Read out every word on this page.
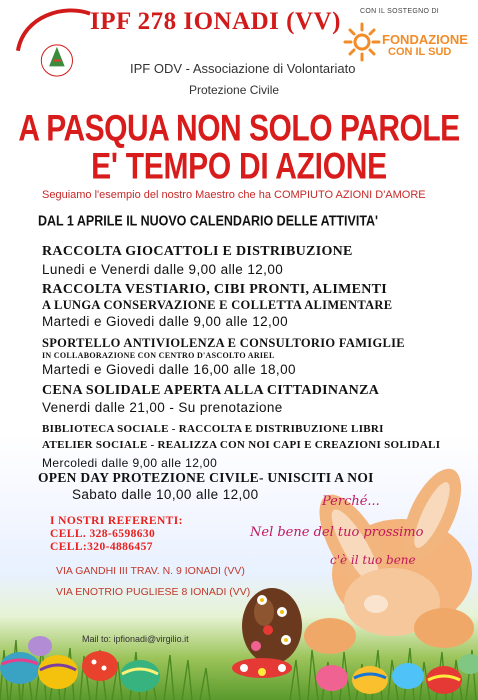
IPF 278 IONADI (VV)
IPF ODV - Associazione di Volontariato
Protezione Civile
CON IL SOSTEGNO DI
FONDAZIONE
CON IL SUD
A PASQUA NON SOLO PAROLE
E' TEMPO DI AZIONE
Seguiamo l'esempio del nostro Maestro che ha COMPIUTO AZIONI D'AMORE
DAL 1 APRILE IL NUOVO CALENDARIO DELLE ATTIVITA'
RACCOLTA GIOCATTOLI E DISTRIBUZIONE
Lunedi e Venerdi dalle 9,00 alle 12,00
RACCOLTA VESTIARIO, CIBI PRONTI, ALIMENTI
A LUNGA CONSERVAZIONE E COLLETTA ALIMENTARE
Martedi e Giovedi dalle 9,00 alle 12,00
SPORTELLO ANTIVIOLENZA E CONSULTORIO FAMIGLIE
IN COLLABORAZIONE CON CENTRO D'ASCOLTO ARIEL
Martedi e Giovedi dalle 16,00 alle 18,00
CENA SOLIDALE APERTA ALLA CITTADINANZA
Venerdi dalle 21,00 - Su prenotazione
BIBLIOTECA SOCIALE - RACCOLTA E DISTRIBUZIONE LIBRI
ATELIER SOCIALE - REALIZZA CON NOI CAPI E CREAZIONI SOLIDALI
Mercoledi dalle 9,00 alle 12,00
OPEN DAY PROTEZIONE CIVILE- UNISCITI A NOI
Sabato dalle 10,00 alle 12,00
I NOSTRI REFERENTI:
CELL. 328-6598630
CELL:320-4886457
VIA GANDHI III TRAV. N. 9 IONADI (VV)
VIA ENOTRIO PUGLIESE 8 IONADI (VV)
Mail to: ipfionadi@virgilio.it
Perché...
Nel bene del tuo prossimo
c'è il tuo bene
